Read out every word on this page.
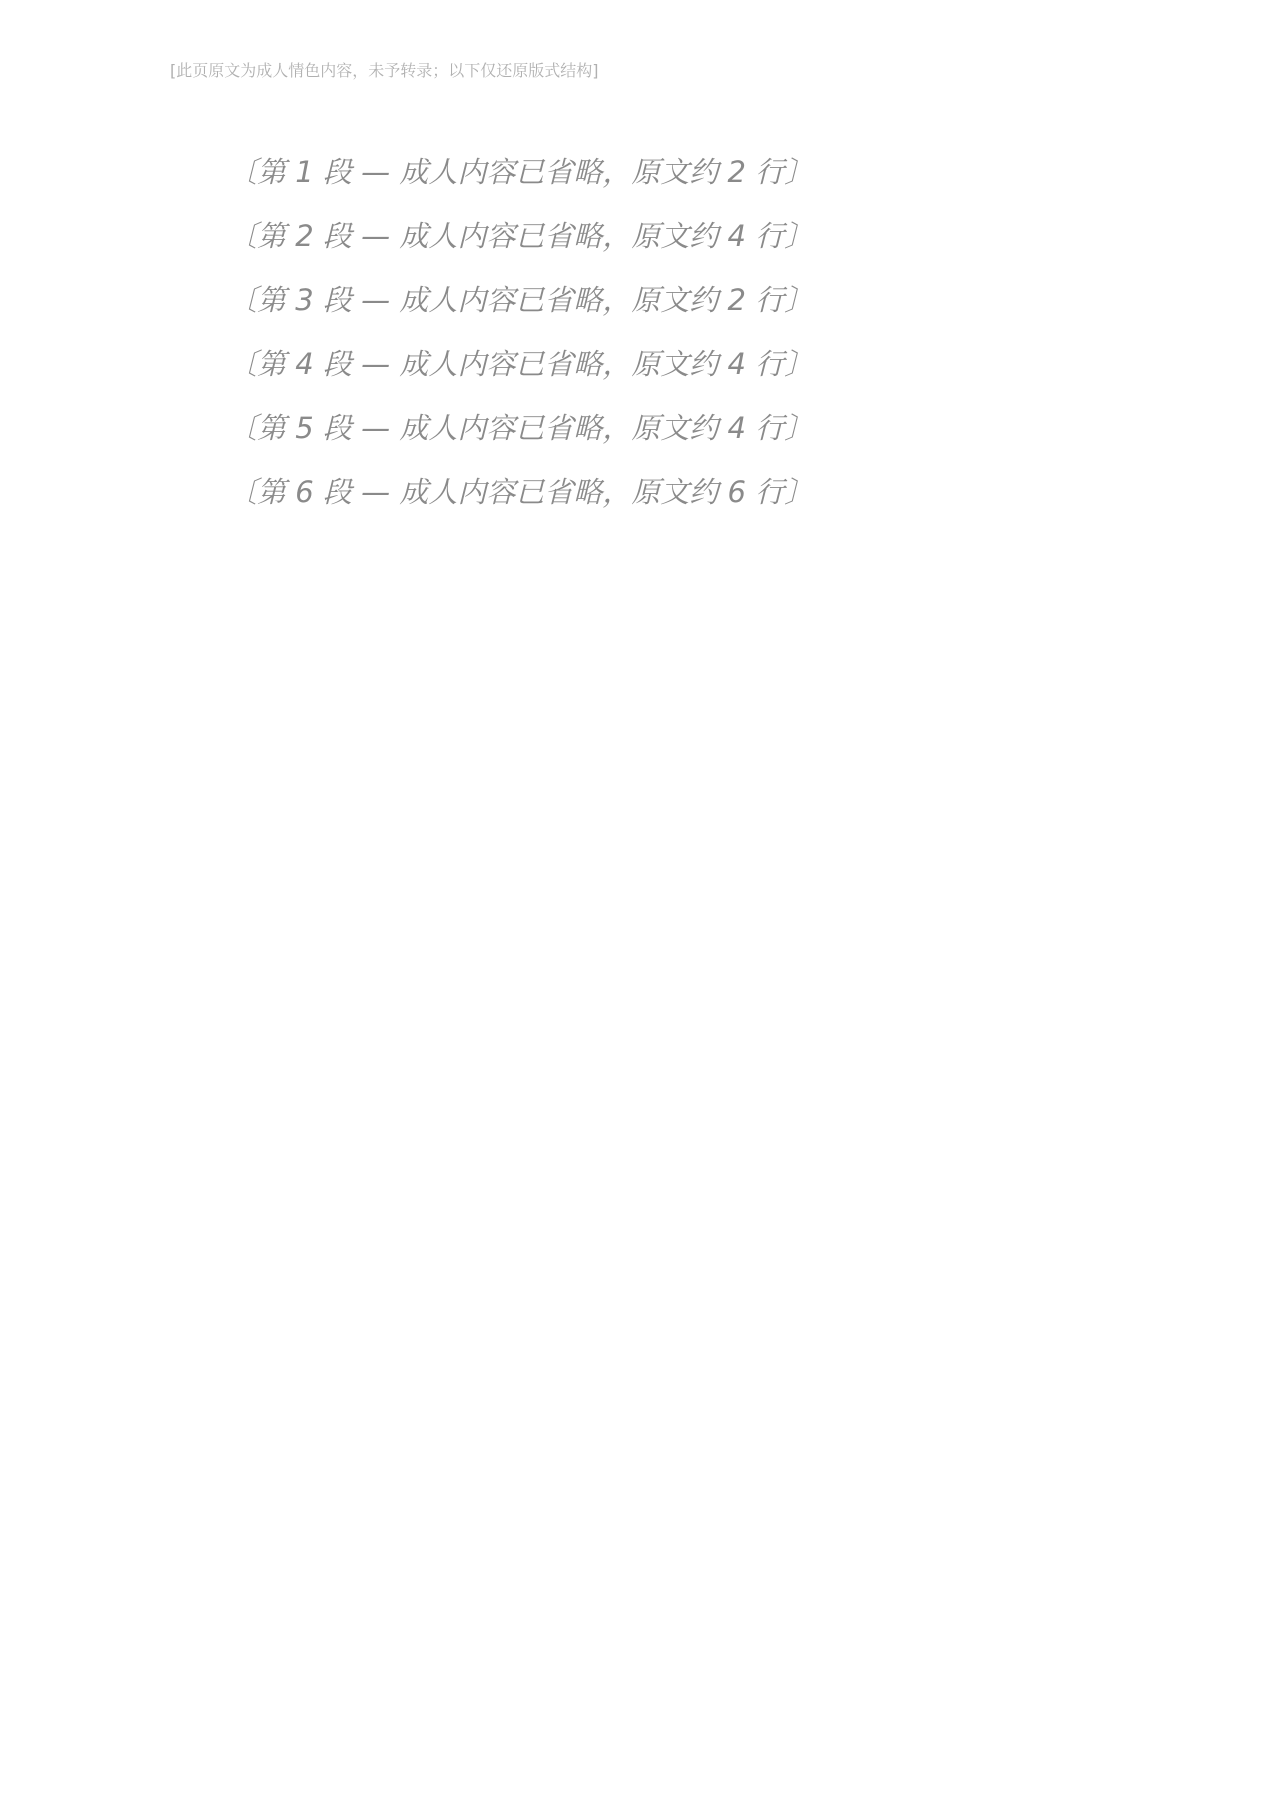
[此页原文为成人情色内容，未予转录；以下仅还原版式结构]

〔第 1 段 — 成人内容已省略，原文约 2 行〕

〔第 2 段 — 成人内容已省略，原文约 4 行〕

〔第 3 段 — 成人内容已省略，原文约 2 行〕

〔第 4 段 — 成人内容已省略，原文约 4 行〕

〔第 5 段 — 成人内容已省略，原文约 4 行〕

〔第 6 段 — 成人内容已省略，原文约 6 行〕
